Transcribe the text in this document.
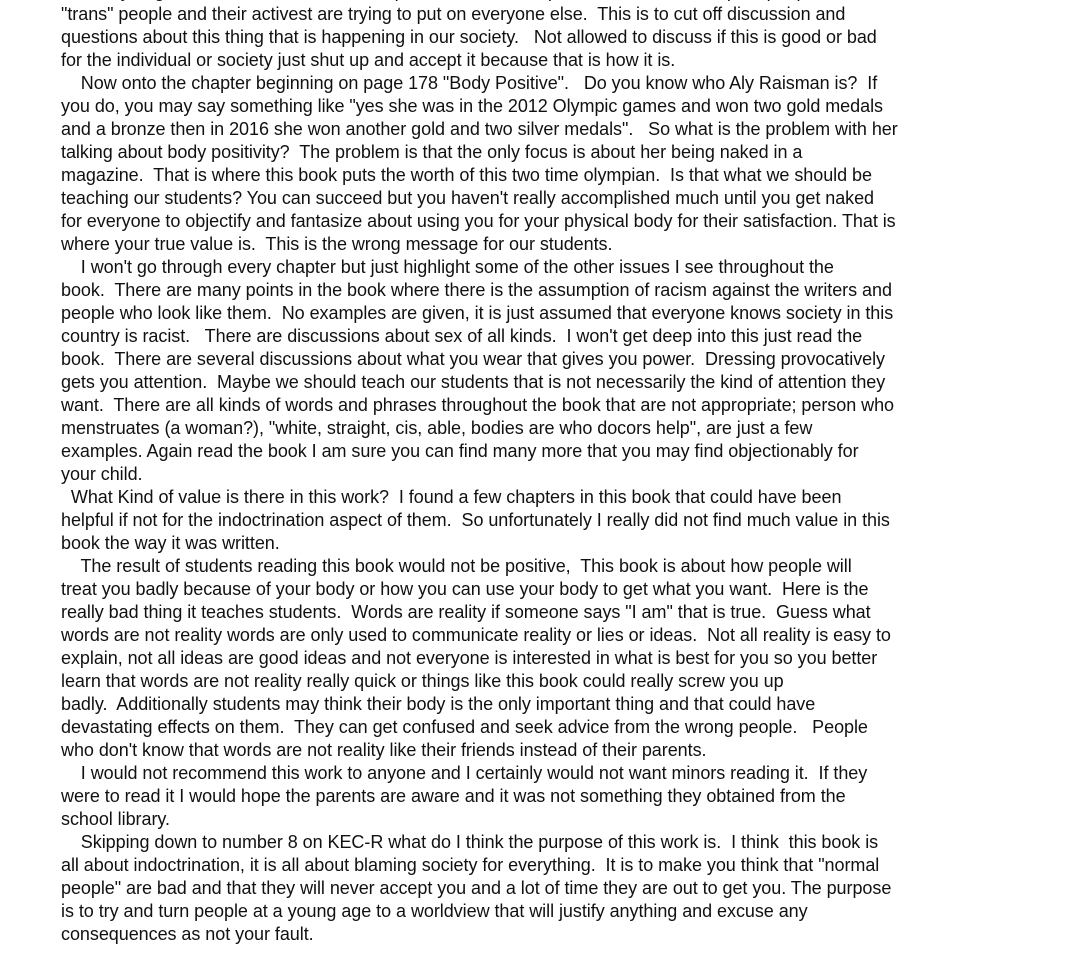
"trans" people and their activest are trying to put on everyone else.  This is to cut off discussion and
questions about this thing that is happening in our society.   Not allowed to discuss if this is good or bad
for the individual or society just shut up and accept it because that is how it is.
Now onto the chapter beginning on page 178 "Body Positive".   Do you know who Aly Raisman is?  If
you do, you may say something like "yes she was in the 2012 Olympic games and won two gold medals
and a bronze then in 2016 she won another gold and two silver medals".   So what is the problem with her
talking about body positivity?  The problem is that the only focus is about her being naked in a
magazine.  That is where this book puts the worth of this two time olympian.  Is that what we should be
teaching our students? You can succeed but you haven't really accomplished much until you get naked
for everyone to objectify and fantasize about using you for your physical body for their satisfaction. That is
where your true value is.  This is the wrong message for our students.
I won't go through every chapter but just highlight some of the other issues I see throughout the
book.  There are many points in the book where there is the assumption of racism against the writers and
people who look like them.  No examples are given, it is just assumed that everyone knows society in this
country is racist.   There are discussions about sex of all kinds.  I won't get deep into this just read the
book.  There are several discussions about what you wear that gives you power.  Dressing provocatively
gets you attention.  Maybe we should teach our students that is not necessarily the kind of attention they
want.  There are all kinds of words and phrases throughout the book that are not appropriate; person who
menstruates (a woman?), "white, straight, cis, able, bodies are who docors help", are just a few
examples. Again read the book I am sure you can find many more that you may find objectionably for
your child.
What Kind of value is there in this work?  I found a few chapters in this book that could have been
helpful if not for the indoctrination aspect of them.  So unfortunately I really did not find much value in this
book the way it was written.
The result of students reading this book would not be positive,  This book is about how people will
treat you badly because of your body or how you can use your body to get what you want.  Here is the
really bad thing it teaches students.  Words are reality if someone says "I am" that is true.  Guess what
words are not reality words are only used to communicate reality or lies or ideas.  Not all reality is easy to
explain, not all ideas are good ideas and not everyone is interested in what is best for you so you better
learn that words are not reality really quick or things like this book could really screw you up
badly.  Additionally students may think their body is the only important thing and that could have
devastating effects on them.  They can get confused and seek advice from the wrong people.   People
who don't know that words are not reality like their friends instead of their parents.
I would not recommend this work to anyone and I certainly would not want minors reading it.  If they
were to read it I would hope the parents are aware and it was not something they obtained from the
school library.
Skipping down to number 8 on KEC-R what do I think the purpose of this work is.  I think  this book is
all about indoctrination, it is all about blaming society for everything.  It is to make you think that "normal
people" are bad and that they will never accept you and a lot of time they are out to get you. The purpose
is to try and turn people at a young age to a worldview that will justify anything and excuse any
consequences as not your fault.
